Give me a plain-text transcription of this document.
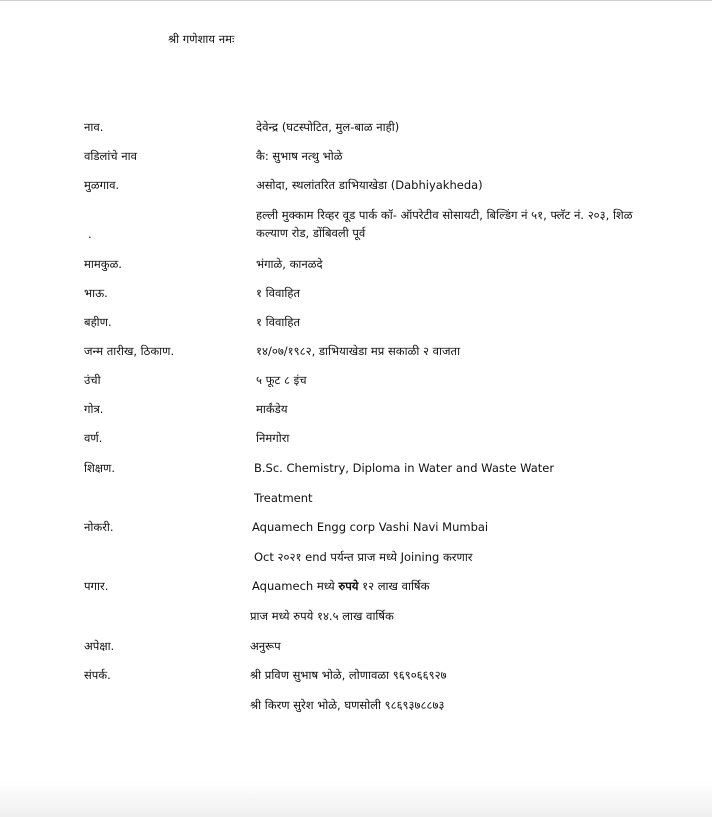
श्री गणेशाय नमः
नाव.	देवेन्द्र (घटस्पोटित, मुल-बाळ नाही)
वडिलांचे नाव	कै: सुभाष नत्थु भोळे
मुळगाव.	असोदा, स्थलांतरित डाभियाखेडा (Dabhiyakheda)
.
हल्ली मुक्काम रिव्हर वूड पार्क कॉ- ऑपरेटीव सोसायटी, बिल्डिंग नं ५१, फ्लॅट नं. २०३, शिळ कल्याण रोड, डोंबिवली पूर्व
मामकुळ.	भंगाळे, कानळदे
भाऊ.	१ विवाहित
बहीण.	१ विवाहित
जन्म तारीख, ठिकाण.	१४/०७/१९८२, डाभियाखेडा मप्र सकाळी २ वाजता
उंची	५ फूट ८ इंच
गोत्र.	मार्कंडेय
वर्ण.	निमगोरा
शिक्षण.	B.Sc. Chemistry, Diploma in Water and Waste Water
Treatment
नोकरी.	Aquamech Engg corp Vashi Navi Mumbai
Oct २०२१ end पर्यन्त प्राज मध्ये Joining करणार
पगार.	Aquamech मध्ये रुपये १२ लाख वार्षिक
प्राज मध्ये रुपये १४.५ लाख वार्षिक
अपेक्षा.	अनुरूप
संपर्क.	श्री प्रविण सुभाष भोळे, लोणावळा ९६९०६६९२७
श्री किरण सुरेश भोळे, घणसोली ९८६९३७८८७३
